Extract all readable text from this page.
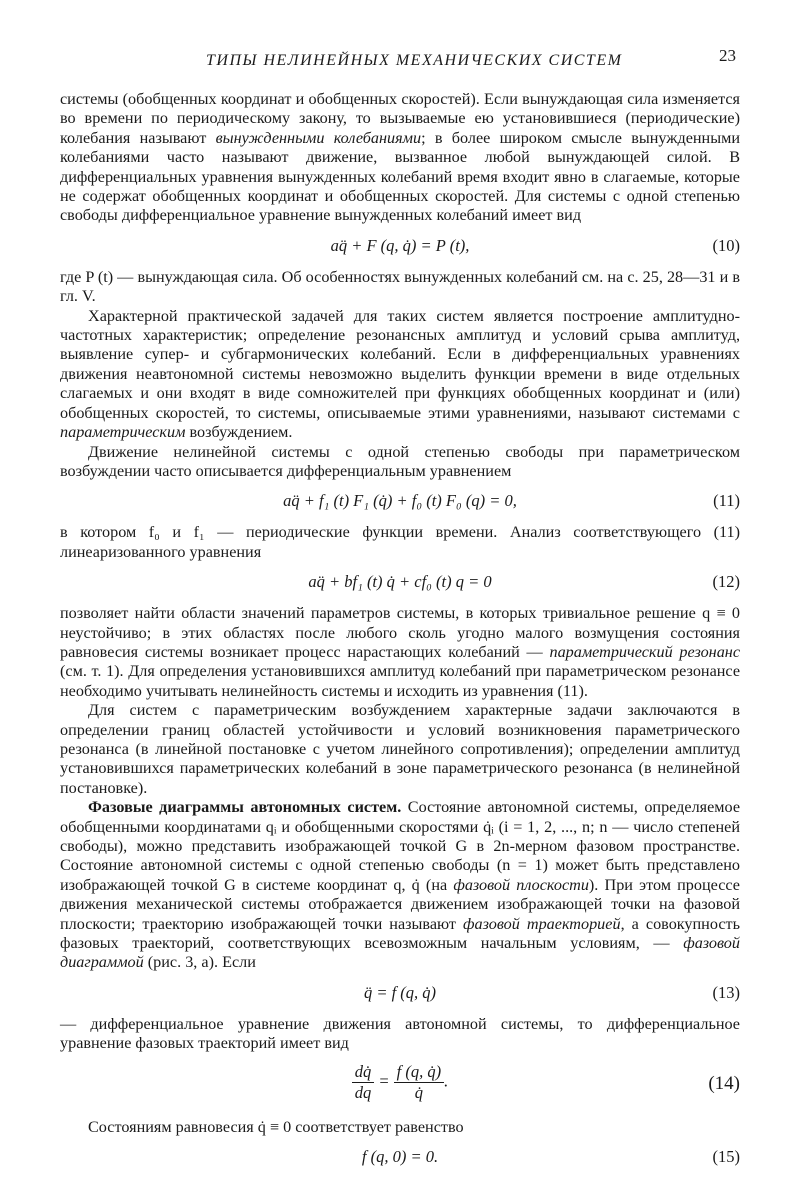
ТИПЫ НЕЛИНЕЙНЫХ МЕХАНИЧЕСКИХ СИСТЕМ	23

системы (обобщенных координат и обобщенных скоростей). Если вынуждающая сила изменяется во времени по периодическому закону, то вызываемые ею установившиеся (периодические) колебания называют вынужденными колебаниями; в более широком смысле вынужденными колебаниями часто называют движение, вызванное любой вынуждающей силой. В дифференциальных уравнения вынужденных колебаний время входит явно в слагаемые, которые не содержат обобщенных координат и обобщенных скоростей. Для системы с одной степенью свободы дифференциальное уравнение вынужденных колебаний имеет вид

aq̈ + F (q, q̇) = P (t),	(10)

где P (t) — вынуждающая сила. Об особенностях вынужденных колебаний см. на с. 25, 28—31 и в гл. V.

Характерной практической задачей для таких систем является построение амплитудно-частотных характеристик; определение резонансных амплитуд и условий срыва амплитуд, выявление супер- и субгармонических колебаний. Если в дифференциальных уравнениях движения неавтономной системы невозможно выделить функции времени в виде отдельных слагаемых и они входят в виде сомножителей при функциях обобщенных координат и (или) обобщенных скоростей, то системы, описываемые этими уравнениями, называют системами с параметрическим возбуждением.

Движение нелинейной системы с одной степенью свободы при параметрическом возбуждении часто описывается дифференциальным уравнением

aq̈ + f₁ (t) F₁ (q̇) + f₀ (t) F₀ (q) = 0,	(11)

в котором f₀ и f₁ — периодические функции времени. Анализ соответствующего (11) линеаризованного уравнения

aq̈ + bf₁ (t) q̇ + cf₀ (t) q = 0	(12)

позволяет найти области значений параметров системы, в которых тривиальное решение q ≡ 0 неустойчиво; в этих областях после любого сколь угодно малого возмущения состояния равновесия системы возникает процесс нарастающих колебаний — параметрический резонанс (см. т. 1). Для определения установившихся амплитуд колебаний при параметрическом резонансе необходимо учитывать нелинейность системы и исходить из уравнения (11).

Для систем с параметрическим возбуждением характерные задачи заключаются в определении границ областей устойчивости и условий возникновения параметрического резонанса (в линейной постановке с учетом линейного сопротивления); определении амплитуд установившихся параметрических колебаний в зоне параметрического резонанса (в нелинейной постановке).

Фазовые диаграммы автономных систем. Состояние автономной системы, определяемое обобщенными координатами qᵢ и обобщенными скоростями q̇ᵢ (i = 1, 2, ..., n; n — число степеней свободы), можно представить изображающей точкой G в 2n-мерном фазовом пространстве. Состояние автономной системы с одной степенью свободы (n = 1) может быть представлено изображающей точкой G в системе координат q, q̇ (на фазовой плоскости). При этом процессе движения механической системы отображается движением изображающей точки на фазовой плоскости; траекторию изображающей точки называют фазовой траекторией, а совокупность фазовых траекторий, соответствующих всевозможным начальным условиям, — фазовой диаграммой (рис. 3, а). Если

q̈ = f (q, q̇)	(13)

— дифференциальное уравнение движения автономной системы, то дифференциальное уравнение фазовых траекторий имеет вид

$\frac{dq̇}{dq} = \frac{f (q, q̇)}{q̇}$ .	(14)

Состояниям равновесия q̇ ≡ 0 соответствует равенство

f (q, 0) = 0.	(15)
